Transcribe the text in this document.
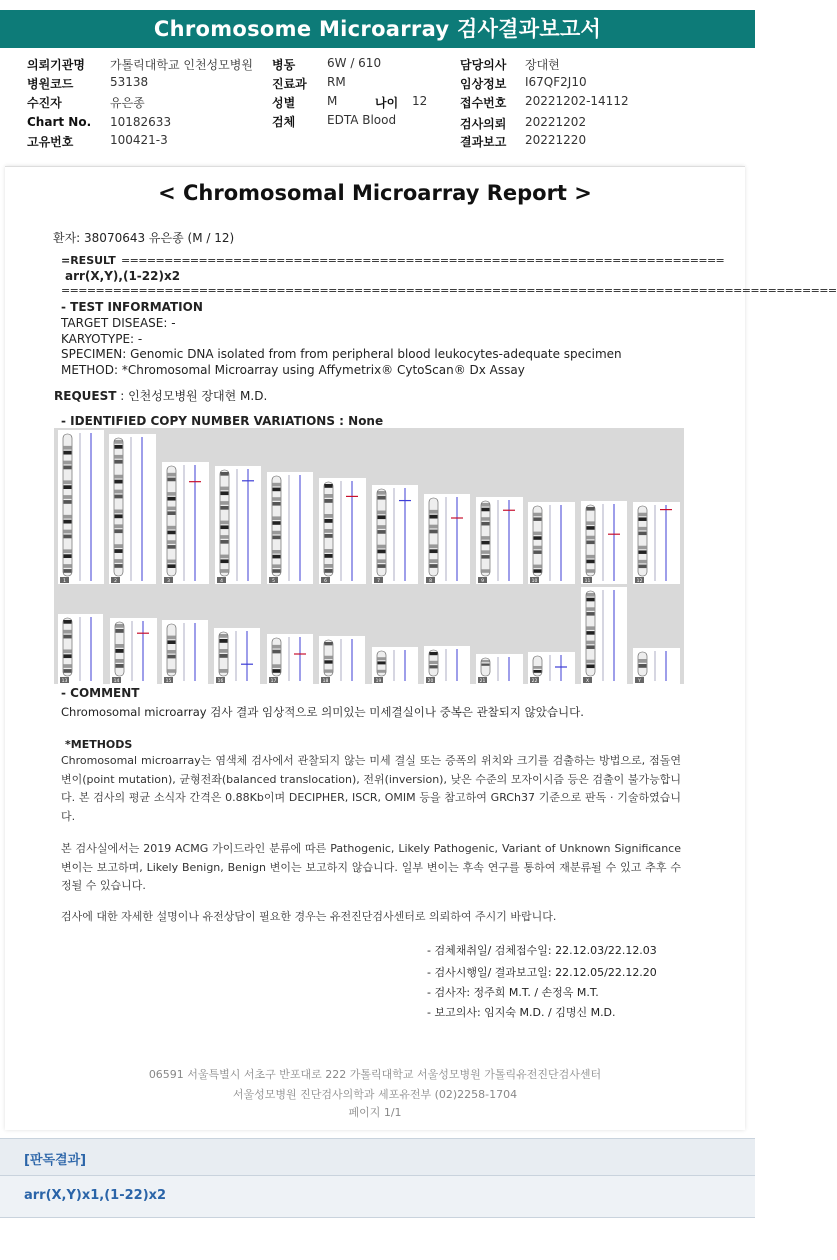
Chromosome Microarray 검사결과보고서
의뢰기관명 가톨릭대학교 인천성모병원
병원코드	53138
수진자	유은종
Chart No. 10182633
고유번호	100421-3
병동	6W / 610
진료과 RM
성별	M	나이 12
검체	EDTA Blood
담당의사 장대현
임상정보 I67QF2J10
접수번호 20221202-14112
검사의뢰 20221202
결과보고 20221220
< Chromosomal Microarray Report >
환자: 38070643 유은종 (M / 12)
=RESULT ======================================================================
arr(X,Y),(1-22)x2
==========================================================================================
- TEST INFORMATION
TARGET DISEASE: -
KARYOTYPE: -
SPECIMEN: Genomic DNA isolated from from peripheral blood leukocytes-adequate specimen
METHOD: *Chromosomal Microarray using Affymetrix® CytoScan® Dx Assay
REQUEST : 인천성모병원 장대현 M.D.
- IDENTIFIED COPY NUMBER VARIATIONS : None
1	2	3	4	5	6	7	8	9	10	11	12
13	14	15	16	17	18	19	20	21	22	X	Y
- COMMENT
Chromosomal microarray 검사 결과 임상적으로 의미있는 미세결실이나 중복은 관찰되지 않았습니다.
*METHODS
Chromosomal microarray는 염색체 검사에서 관찰되지 않는 미세 결실 또는 증폭의 위치와 크기를 검출하는 방법으로, 점돌연변이(point mutation), 균형전좌(balanced translocation), 전위(inversion), 낮은 수준의 모자이시즘 등은 검출이 불가능합니다. 본 검사의 평균 소식자 간격은 0.88Kb이며 DECIPHER, ISCR, OMIM 등을 참고하여 GRCh37 기준으로 판독 · 기술하였습니다.
본 검사실에서는 2019 ACMG 가이드라인 분류에 따른 Pathogenic, Likely Pathogenic, Variant of Unknown Significance 변이는 보고하며, Likely Benign, Benign 변이는 보고하지 않습니다. 일부 변이는 후속 연구를 통하여 재분류될 수 있고 추후 수정될 수 있습니다.
검사에 대한 자세한 설명이나 유전상담이 필요한 경우는 유전진단검사센터로 의뢰하여 주시기 바랍니다.
- 검체채취일/ 검체접수일: 22.12.03/22.12.03
- 검사시행일/ 결과보고일: 22.12.05/22.12.20
- 검사자: 정주희 M.T. / 손정옥 M.T.
- 보고의사: 임지숙 M.D. / 김명신 M.D.
06591 서울특별시 서초구 반포대로 222 가톨릭대학교 서울성모병원 가톨릭유전진단검사센터
서울성모병원 진단검사의학과 세포유전부 (02)2258-1704
페이지 1/1
[판독결과]
arr(X,Y)x1,(1-22)x2
